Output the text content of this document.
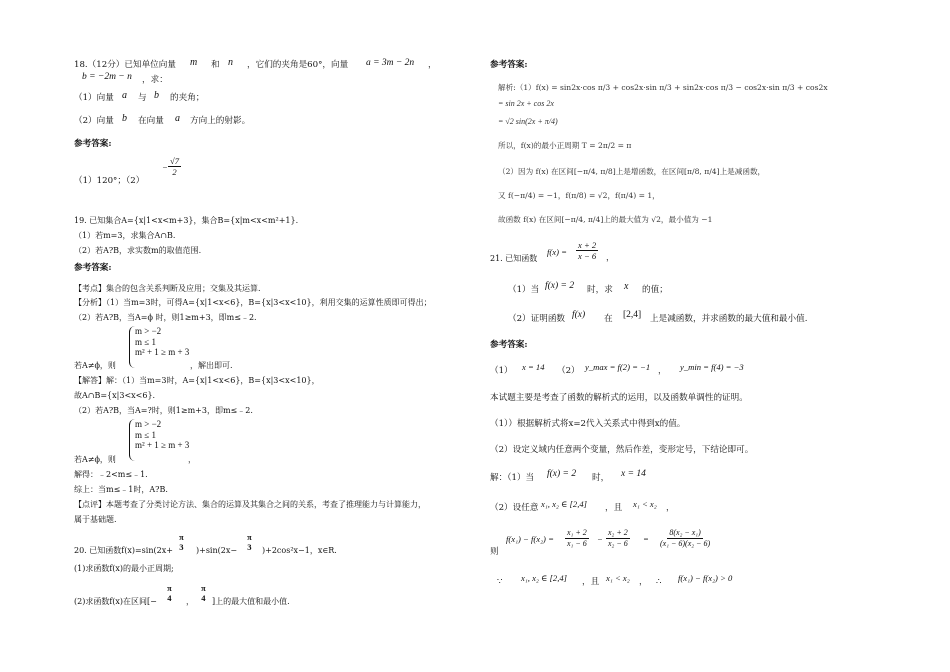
18.（12分）已知单位向量 m 和 n ，它们的夹角是60°，向量 a = 3m − 2n ，
b = −2m − n ，求：
（1）向量 a 与 b 的夹角；
（2）向量 b 在向量 a 方向上的射影。
参考答案:
（1）120°；（2）
− $\frac{√7}{2}$
19. 已知集合A={x|1<x<m+3}，集合B={x|m<x<m²+1}.
（1）若m=3，求集合A∩B.
（2）若A?B，求实数m的取值范围.
参考答案:
【考点】集合的包含关系判断及应用；交集及其运算.
【分析】（1）当m=3时，可得A={x|1<x<6}，B={x|3<x<10}，利用交集的运算性质即可得出；
（2）若A?B，当A=ϕ 时，则1≥m+3，即m≤﹣2.
m > −2
m ≤ 1
m² + 1 ≥ m + 3
若A≠ϕ，则	，解出即可.
【解答】解：（1）当m=3时，A={x|1<x<6}，B={x|3<x<10}，
故A∩B={x|3<x<6}.
（2）若A?B，当A=?时，则1≥m+3，即m≤﹣2.
m > −2
m ≤ 1
m² + 1 ≥ m + 3
若A≠ϕ，则	，
解得：﹣2<m≤﹣1.
综上：当m≤﹣1时，A?B.
【点评】本题考查了分类讨论方法、集合的运算及其集合之间的关系，考查了推理能力与计算能力，
属于基础题.
20. 已知函数f(x)=sin(2x+
π
3 )+sin(2x−
π
3 )+2cos²x−1，x∈R.
(1)求函数f(x)的最小正周期;
(2)求函数f(x)在区间[−
π
4 ，
π
4 ]上的最大值和最小值.
参考答案:
解析:（1）f(x) = sin2x·cos π/3 + cos2x·sin π/3 + sin2x·cos π/3 − cos2x·sin π/3 + cos2x
= sin 2x + cos 2x
= √2 sin(2x + π/4)
所以，f(x)的最小正周期 T = 2π/2 = π
（2）因为 f(x) 在区间[−π/4, π/8]上是增函数，在区间[π/8, π/4]上是减函数，
又 f(−π/4) = −1，f(π/8) = √2，f(π/4) = 1，
故函数 f(x) 在区间[−π/4, π/4]上的最大值为 √2，最小值为 −1
21. 已知函数
$f(x) = \frac{x + 2}{x - 6}$ ，
（1）当 f(x) = 2 时，求 x 的值；
（2）证明函数 f(x) 在 [2,4] 上是减函数，并求函数的最大值和最小值.
参考答案:
（1） x = 14 （2） y_max = f(2) = −1 ， y_min = f(4) = −3
本试题主要是考查了函数的解析式的运用，以及函数单调性的证明。
（1））根据解析式将x=2代入关系式中得到x的值。
（2）设定义域内任意两个变量，然后作差，变形定号，下结论即可。
解：（1）当 f(x) = 2 时， x = 14
（2）设任意 x₁, x₂ ∈ [2,4] ，且 x₁ < x₂ ，
则
$f(x_1) - f(x_2) = \frac{\text{x₁ + 2}}{\text{x₁ − 6}} - \frac{\text{x₂ + 2}}{\text{x₂ − 6}} = \frac{\text{8(x₂ − x₁)}}{\text{(x₁ − 6)(x₂ − 6)}}$
∵ x₁, x₂ ∈ [2,4] ，且 x₁ < x₂ ， ∴ f(x₁) − f(x₂) > 0
